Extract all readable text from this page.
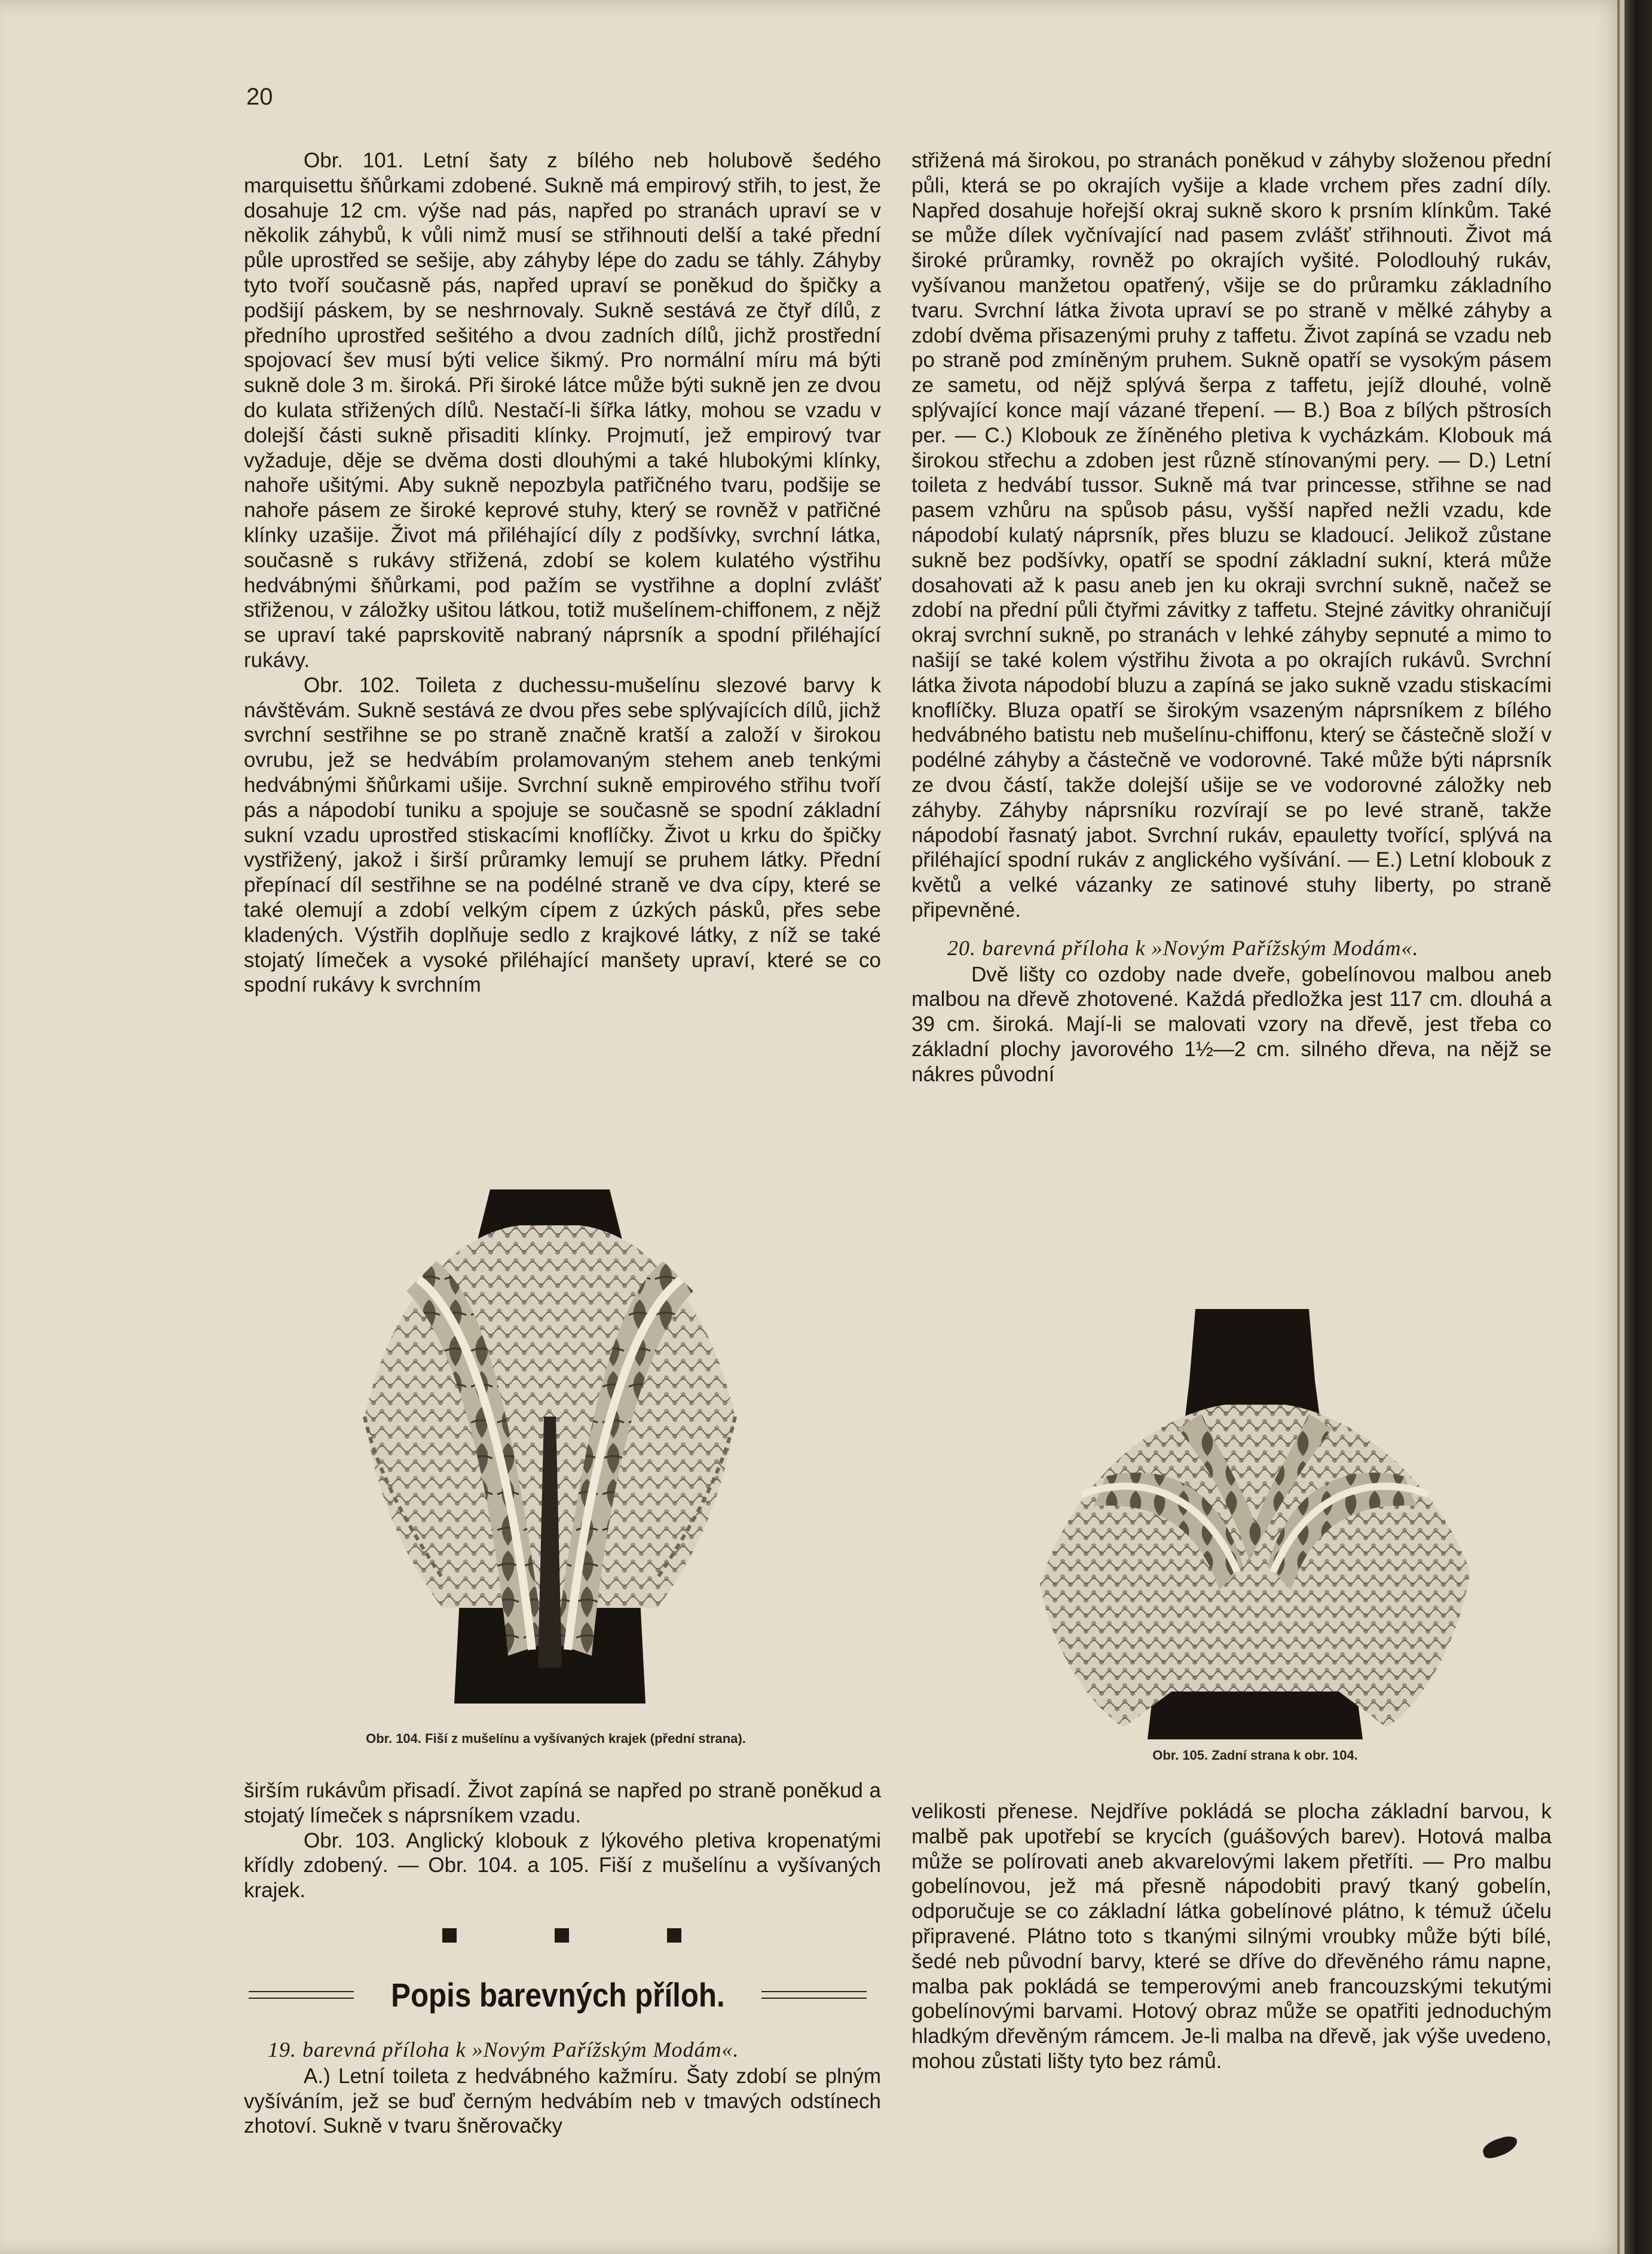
20

Obr. 101. Letní šaty z bílého neb holubově šedého marquisettu šňůrkami zdobené. Sukně má empirový střih, to jest, že dosahuje 12 cm. výše nad pás, napřed po stranách upraví se v několik záhybů, k vůli nimž musí se střihnouti delší a také přední půle uprostřed se sešije, aby záhyby lépe do zadu se táhly. Záhyby tyto tvoří současně pás, napřed upraví se poněkud do špičky a podšijí páskem, by se neshrnovaly. Sukně sestává ze čtyř dílů, z předního uprostřed sešitého a dvou zadních dílů, jichž prostřední spojovací šev musí býti velice šikmý. Pro normální míru má býti sukně dole 3 m. široká. Při široké látce může býti sukně jen ze dvou do kulata střižených dílů. Nestačí-li šířka látky, mohou se vzadu v dolejší části sukně přisaditi klínky. Projmutí, jež empirový tvar vyžaduje, děje se dvěma dosti dlouhými a také hlubokými klínky, nahoře ušitými. Aby sukně nepozbyla patřičného tvaru, podšije se nahoře pásem ze široké keprové stuhy, který se rovněž v patřičné klínky uzašije. Život má přiléhající díly z podšívky, svrchní látka, současně s rukávy střižená, zdobí se kolem kulatého výstřihu hedvábnými šňůrkami, pod pažím se vystřihne a doplní zvlášť střiženou, v záložky ušitou látkou, totiž mušelínem-chiffonem, z nějž se upraví také paprskovitě nabraný náprsník a spodní přiléhající rukávy.

Obr. 102. Toileta z duchessu-mušelínu slezové barvy k návštěvám. Sukně sestává ze dvou přes sebe splývajících dílů, jichž svrchní sestřihne se po straně značně kratší a založí v širokou ovrubu, jež se hedvábím prolamovaným stehem aneb tenkými hedvábnými šňůrkami ušije. Svrchní sukně empirového střihu tvoří pás a nápodobí tuniku a spojuje se současně se spodní základní sukní vzadu uprostřed stiskacími knoflíčky. Život u krku do špičky vystřižený, jakož i širší průramky lemují se pruhem látky. Přední přepínací díl sestřihne se na podélné straně ve dva cípy, které se také olemují a zdobí velkým cípem z úzkých pásků, přes sebe kladených. Výstřih doplňuje sedlo z krajkové látky, z níž se také stojatý límeček a vysoké přiléhající manšety upraví, které se co spodní rukávy k svrchním

střižená má širokou, po stranách poněkud v záhyby složenou přední půli, která se po okrajích vyšije a klade vrchem přes zadní díly. Napřed dosahuje hořejší okraj sukně skoro k prsním klínkům. Také se může dílek vyčnívající nad pasem zvlášť střihnouti. Život má široké průramky, rovněž po okrajích vyšité. Polodlouhý rukáv, vyšívanou manžetou opatřený, všije se do průramku základního tvaru. Svrchní látka života upraví se po straně v mělké záhyby a zdobí dvěma přisazenými pruhy z taffetu. Život zapíná se vzadu neb po straně pod zmíněným pruhem. Sukně opatří se vysokým pásem ze sametu, od nějž splývá šerpa z taffetu, jejíž dlouhé, volně splývající konce mají vázané třepení. — B.) Boa z bílých pštrosích per. — C.) Klobouk ze žíněného pletiva k vycházkám. Klobouk má širokou střechu a zdoben jest různě stínovanými pery. — D.) Letní toileta z hedvábí tussor. Sukně má tvar princesse, střihne se nad pasem vzhůru na spůsob pásu, vyšší napřed nežli vzadu, kde nápodobí kulatý náprsník, přes bluzu se kladoucí. Jelikož zůstane sukně bez podšívky, opatří se spodní základní sukní, která může dosahovati až k pasu aneb jen ku okraji svrchní sukně, načež se zdobí na přední půli čtyřmi závitky z taffetu. Stejné závitky ohraničují okraj svrchní sukně, po stranách v lehké záhyby sepnuté a mimo to našijí se také kolem výstřihu života a po okrajích rukávů. Svrchní látka života nápodobí bluzu a zapíná se jako sukně vzadu stiskacími knoflíčky. Bluza opatří se širokým vsazeným náprsníkem z bílého hedvábného batistu neb mušelínu-chiffonu, který se částečně složí v podélné záhyby a částečně ve vodorovné. Také může býti náprsník ze dvou částí, takže dolejší ušije se ve vodorovné záložky neb záhyby. Záhyby náprsníku rozvírají se po levé straně, takže nápodobí řasnatý jabot. Svrchní rukáv, epauletty tvořící, splývá na přiléhající spodní rukáv z anglického vyšívání. — E.) Letní klobouk z květů a velké vázanky ze satinové stuhy liberty, po straně připevněné.

20. barevná příloha k »Novým Pařížským Modám«.

Dvě lišty co ozdoby nade dveře, gobelínovou malbou aneb malbou na dřevě zhotovené. Každá předložka jest 117 cm. dlouhá a 39 cm. široká. Mají-li se malovati vzory na dřevě, jest třeba co základní plochy javorového 1½—2 cm. silného dřeva, na nějž se nákres původní

Obr. 104. Fiší z mušelínu a vyšívaných krajek (přední strana).
Obr. 105. Zadní strana k obr. 104.

širším rukávům přisadí. Život zapíná se napřed po straně poněkud a stojatý límeček s náprsníkem vzadu.

Obr. 103. Anglický klobouk z lýkového pletiva kropenatými křídly zdobený. — Obr. 104. a 105. Fiší z mušelínu a vyšívaných krajek.

Popis barevných příloh.
19. barevná příloha k »Novým Pařížským Modám«.

A.) Letní toileta z hedvábného kažmíru. Šaty zdobí se plným vyšíváním, jež se buď černým hedvábím neb v tmavých odstínech zhotoví. Sukně v tvaru šněrovačky

velikosti přenese. Nejdříve pokládá se plocha základní barvou, k malbě pak upotřebí se krycích (guášových barev). Hotová malba může se polírovati aneb akvarelovými lakem přetříti. — Pro malbu gobelínovou, jež má přesně nápodobiti pravý tkaný gobelín, odporučuje se co základní látka gobelínové plátno, k témuž účelu připravené. Plátno toto s tkanými silnými vroubky může býti bílé, šedé neb původní barvy, které se dříve do dřevěného rámu napne, malba pak pokládá se temperovými aneb francouzskými tekutými gobelínovými barvami. Hotový obraz může se opatřiti jednoduchým hladkým dřevěným rámcem. Je-li malba na dřevě, jak výše uvedeno, mohou zůstati lišty tyto bez rámů.
